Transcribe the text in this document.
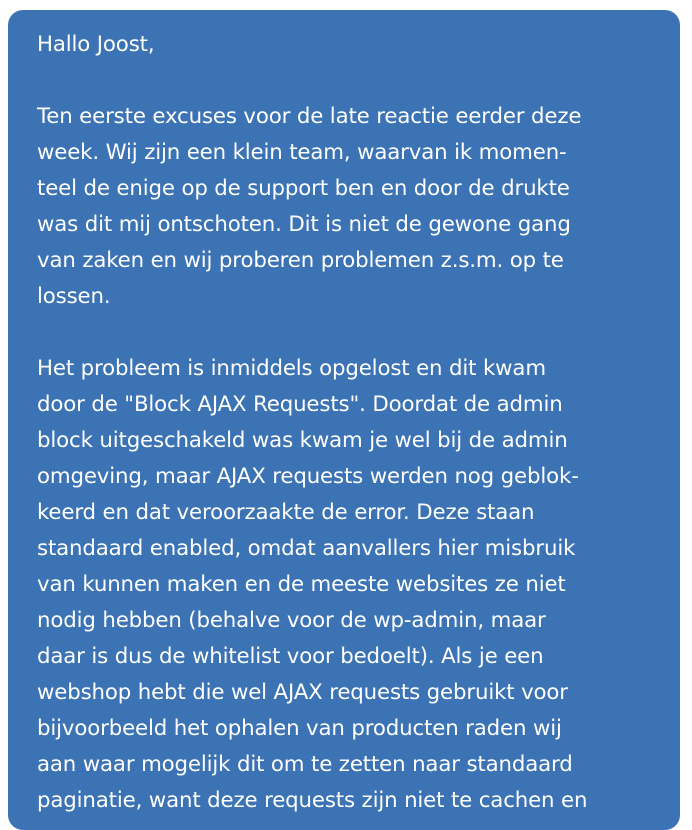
Hallo Joost,
Ten eerste excuses voor de late reactie eerder deze
week. Wij zijn een klein team, waarvan ik momen-
teel de enige op de support ben en door de drukte
was dit mij ontschoten. Dit is niet de gewone gang
van zaken en wij proberen problemen z.s.m. op te
lossen.
Het probleem is inmiddels opgelost en dit kwam
door de "Block AJAX Requests". Doordat de admin
block uitgeschakeld was kwam je wel bij de admin
omgeving, maar AJAX requests werden nog geblok-
keerd en dat veroorzaakte de error. Deze staan
standaard enabled, omdat aanvallers hier misbruik
van kunnen maken en de meeste websites ze niet
nodig hebben (behalve voor de wp-admin, maar
daar is dus de whitelist voor bedoelt). Als je een
webshop hebt die wel AJAX requests gebruikt voor
bijvoorbeeld het ophalen van producten raden wij
aan waar mogelijk dit om te zetten naar standaard
paginatie, want deze requests zijn niet te cachen en
